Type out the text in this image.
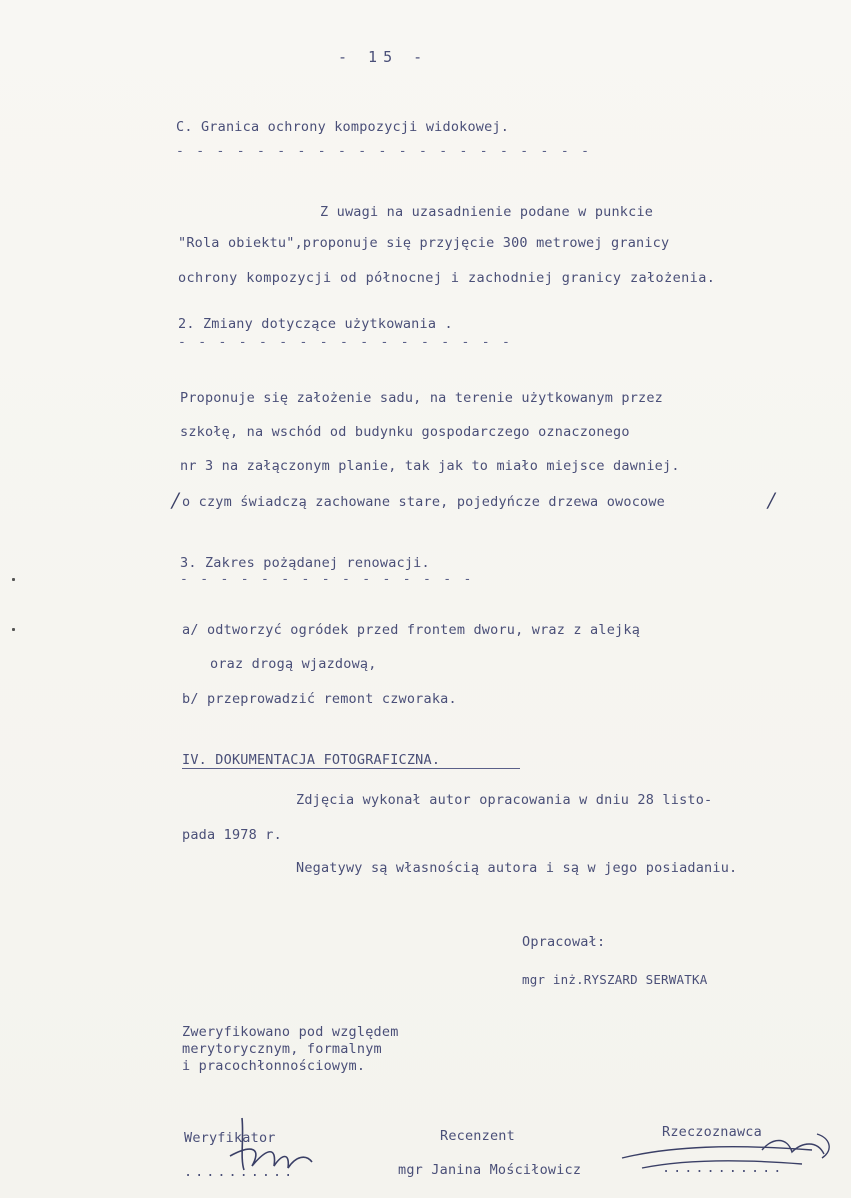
- 15 -
C. Granica ochrony kompozycji widokowej.
- - - - - - - - - - - - - - - - - - - - -
Z uwagi na uzasadnienie podane w punkcie
"Rola obiektu",proponuje się przyjęcie 300 metrowej granicy
ochrony kompozycji od północnej i zachodniej granicy założenia.
2. Zmiany dotyczące użytkowania .
- - - - - - - - - - - - - - - - -
Proponuje się założenie sadu, na terenie użytkowanym przez
szkołę, na wschód od budynku gospodarczego oznaczonego
nr 3 na załączonym planie, tak jak to miało miejsce dawniej.
/ o czym świadczą zachowane stare, pojedyńcze drzewa owocowe	/
3. Zakres pożądanej renowacji.
- - - - - - - - - - - - - - -
a/ odtworzyć ogródek przed frontem dworu, wraz z alejką
oraz drogą wjazdową,
b/ przeprowadzić remont czworaka.
IV. DOKUMENTACJA FOTOGRAFICZNA.
Zdjęcia wykonał autor opracowania w dniu 28 listo-
pada 1978 r.
Negatywy są własnością autora i są w jego posiadaniu.
Opracował:
mgr inż.RYSZARD SERWATKA
Zweryfikowano pod względem
merytorycznym, formalnym
i pracochłonnościowym.
Weryfikator
..........
Recenzent
mgr Janina Mościłowicz
Rzeczoznawca
...........
